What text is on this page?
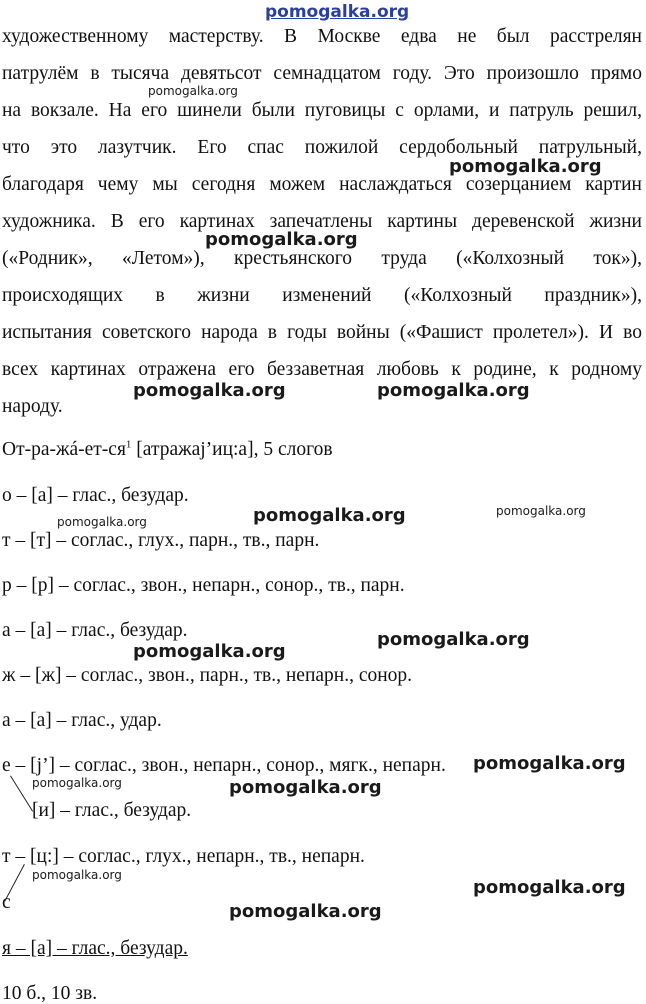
pomogalka.org
pomogalka.org
pomogalka.org
pomogalka.org
pomogalka.org	pomogalka.org
pomogalka.org
pomogalka.org
pomogalka.org
pomogalka.org
pomogalka.org
pomogalka.org
pomogalka.org
pomogalka.org
pomogalka.org
pomogalka.org
pomogalka.org
художественному мастерству. В Москве едва не был расстрелян
патрулём в тысяча девятьсот семнадцатом году. Это произошло прямо
на вокзале. На его шинели были пуговицы с орлами, и патруль решил,
что это лазутчик. Его спас пожилой сердобольный патрульный,
благодаря чему мы сегодня можем наслаждаться созерцанием картин
художника. В его картинах запечатлены картины деревенской жизни
(«Родник», «Летом»), крестьянского труда («Колхозный ток»),
происходящих в жизни изменений («Колхозный праздник»),
испытания советского народа в годы войны («Фашист пролетел»). И во
всех картинах отражена его беззаветная любовь к родине, к родному
народу.
$От-ра-жá-ет-ся^1$ [атражаj’иц:а], 5 слогов
о – [а] – глас., безудар.
т – [т] – соглас., глух., парн., тв., парн.
р – [р] – соглас., звон., непарн., сонор., тв., парн.
а – [а] – глас., безудар.
ж – [ж] – соглас., звон., парн., тв., непарн., сонор.
а – [а] – глас., удар.
е – [j’] – соглас., звон., непарн., сонор., мягк., непарн.
[и] – глас., безудар.
т – [ц:] – соглас., глух., непарн., тв., непарн.
с
я – [а] – глас., безудар.
10 б., 10 зв.
